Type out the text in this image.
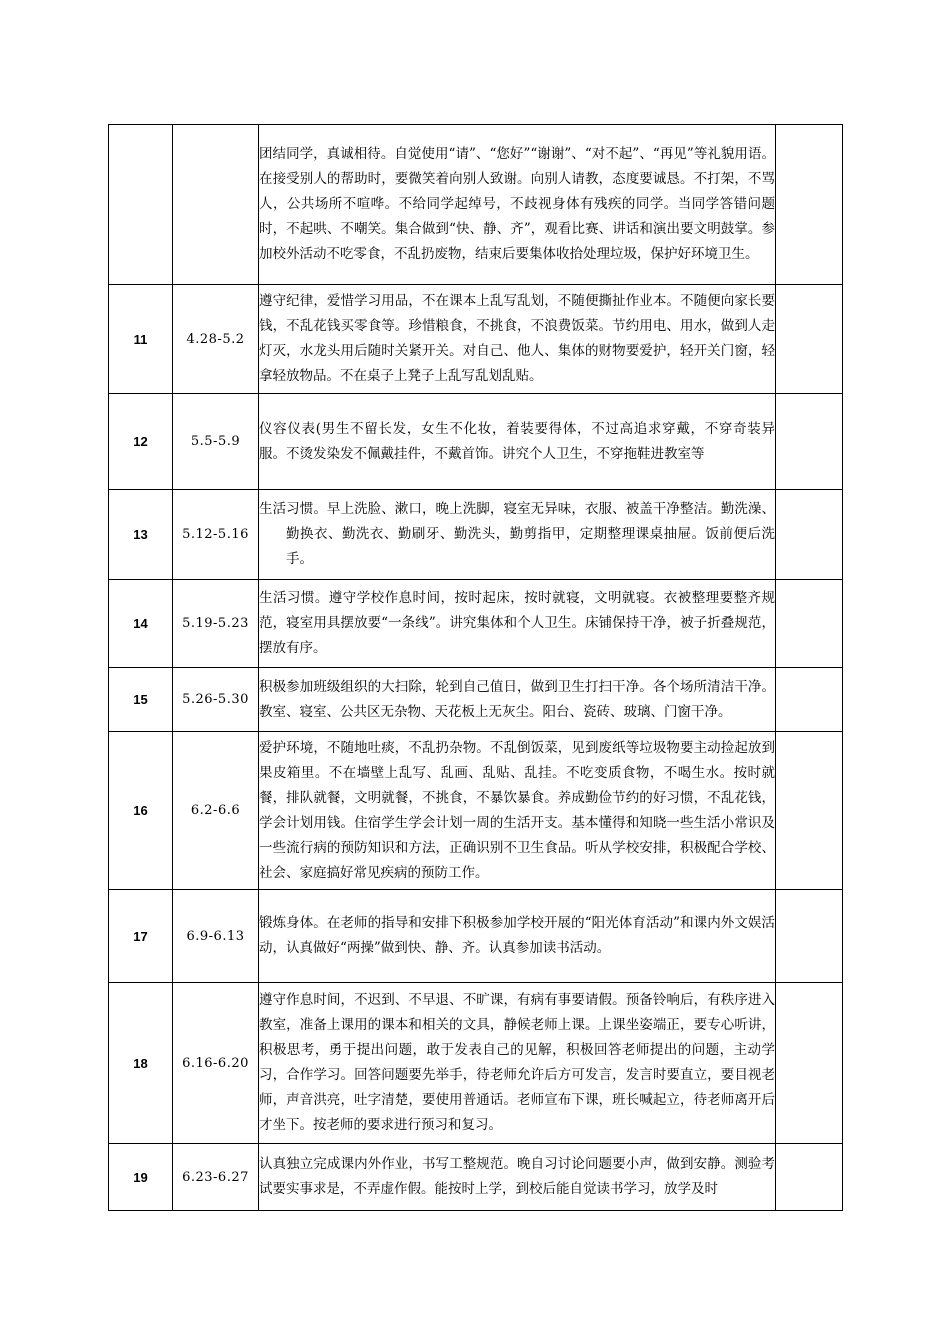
		团结同学，真诚相待。自觉使用“请”、“您好”“谢谢”、“对不起”、“再见”等礼貌用语。在接受别人的帮助时，要微笑着向别人致谢。向别人请教，态度要诚恳。不打架，不骂人，公共场所不喧哗。不给同学起绰号，不歧视身体有残疾的同学。当同学答错问题时，不起哄、不嘲笑。集合做到“快、静、齐”，观看比赛、讲话和演出要文明鼓掌。参加校外活动不吃零食，不乱扔废物，结束后要集体收拾处理垃圾，保护好环境卫生。	
11	4.28-5.2	遵守纪律，爱惜学习用品，不在课本上乱写乱划，不随便撕扯作业本。不随便向家长要钱，不乱花钱买零食等。珍惜粮食，不挑食，不浪费饭菜。节约用电、用水，做到人走灯灭，水龙头用后随时关紧开关。对自己、他人、集体的财物要爱护，轻开关门窗，轻拿轻放物品。不在桌子上凳子上乱写乱划乱贴。	
12	5.5-5.9	仪容仪表(男生不留长发，女生不化妆，着装要得体，不过高追求穿戴，不穿奇装异服。不烫发染发不佩戴挂件，不戴首饰。讲究个人卫生，不穿拖鞋进教室等	
13	5.12-5.16	生活习惯。早上洗脸、漱口，晚上洗脚，寝室无异味，衣服、被盖干净整洁。勤洗澡、勤换衣、勤洗衣、勤刷牙、勤洗头，勤剪指甲，定期整理课桌抽屉。饭前便后洗手。	

14	5.19-5.23	生活习惯。遵守学校作息时间，按时起床，按时就寝，文明就寝。衣被整理要整齐规范，寝室用具摆放要“一条线”。讲究集体和个人卫生。床铺保持干净，被子折叠规范，摆放有序。	
15	5.26-5.30	积极参加班级组织的大扫除，轮到自己值日，做到卫生打扫干净。各个场所清洁干净。教室、寝室、公共区无杂物、天花板上无灰尘。阳台、瓷砖、玻璃、门窗干净。	
16	6.2-6.6	爱护环境，不随地吐痰，不乱扔杂物。不乱倒饭菜，见到废纸等垃圾物要主动捡起放到果皮箱里。不在墙壁上乱写、乱画、乱贴、乱挂。不吃变质食物，不喝生水。按时就餐，排队就餐，文明就餐，不挑食，不暴饮暴食。养成勤俭节约的好习惯，不乱花钱，学会计划用钱。住宿学生学会计划一周的生活开支。基本懂得和知晓一些生活小常识及一些流行病的预防知识和方法，正确识别不卫生食品。听从学校安排，积极配合学校、社会、家庭搞好常见疾病的预防工作。	
17	6.9-6.13	锻炼身体。在老师的指导和安排下积极参加学校开展的“阳光体育活动”和课内外文娱活动，认真做好“两操”做到快、静、齐。认真参加读书活动。	
18	6.16-6.20	遵守作息时间，不迟到、不早退、不旷课，有病有事要请假。预备铃响后，有秩序进入教室，准备上课用的课本和相关的文具，静候老师上课。上课坐姿端正，要专心听讲，积极思考，勇于提出问题，敢于发表自己的见解，积极回答老师提出的问题，主动学习，合作学习。回答问题要先举手，待老师允许后方可发言，发言时要直立，要目视老师，声音洪亮，吐字清楚，要使用普通话。老师宣布下课，班长喊起立，待老师离开后才坐下。按老师的要求进行预习和复习。	
19	6.23-6.27	认真独立完成课内外作业，书写工整规范。晚自习讨论问题要小声，做到安静。测验考试要实事求是，不弄虚作假。能按时上学，到校后能自觉读书学习，放学及时	
